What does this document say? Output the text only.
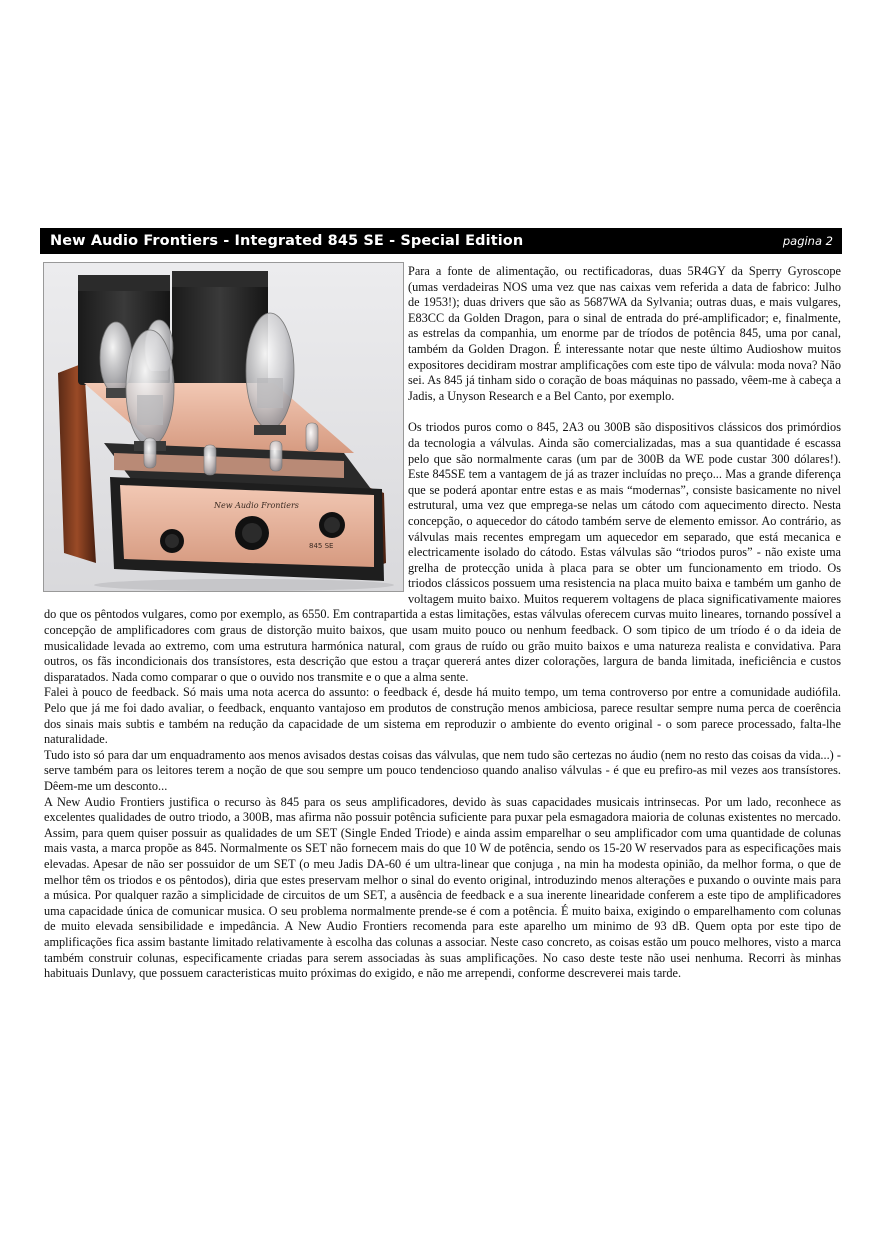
New Audio Frontiers - Integrated 845 SE - Special Edition	pagina 2
New Audio Frontiers
845 SE

Para a fonte de alimentação, ou rectificadoras, duas 5R4GY da Sperry Gyroscope (umas verdadeiras NOS uma vez que nas caixas vem referida a data de fabrico: Julho de 1953!); duas drivers que são as 5687WA da Sylvania; outras duas, e mais vulgares, E83CC da Golden Dragon, para o sinal de entrada do pré-amplificador; e, finalmente, as estrelas da companhia, um enorme par de tríodos de potência 845, uma por canal, também da Golden Dragon. É interessante notar que neste último Audioshow muitos expositores decidiram mostrar amplificações com este tipo de válvula: moda nova? Não sei. As 845 já tinham sido o coração de boas máquinas no passado, vêem-me à cabeça a Jadis, a Unyson Research e a Bel Canto, por exemplo.

Os triodos puros como o 845, 2A3 ou 300B são dispositivos clássicos dos primórdios da tecnologia a válvulas. Ainda são comercializadas, mas a sua quantidade é escassa pelo que são normalmente caras (um par de 300B da WE pode custar 300 dólares!). Este 845SE tem a vantagem de já as trazer incluídas no preço... Mas a grande diferença que se poderá apontar entre estas e as mais “modernas”, consiste basicamente no nivel estrutural, uma vez que emprega-se nelas um cátodo com aquecimento directo. Nesta concepção, o aquecedor do cátodo também serve de elemento emissor. Ao contrário, as válvulas mais recentes empregam um aquecedor em separado, que está mecanica e electricamente isolado do cátodo. Estas válvulas são “triodos puros” - não existe uma grelha de protecção unida à placa para se obter um funcionamento em triodo. Os triodos clássicos possuem uma resistencia na placa muito baixa e também um ganho de voltagem muito baixo. Muitos requerem voltagens de placa significativamente maiores do que os pêntodos vulgares, como por exemplo, as 6550. Em contrapartida a estas limitações, estas válvulas oferecem curvas muito lineares, tornando possível a concepção de amplificadores com graus de distorção muito baixos, que usam muito pouco ou nenhum feedback. O som tipico de um tríodo é o da ideia de musicalidade levada ao extremo, com uma estrutura harmónica natural, com graus de ruído ou grão muito baixos e uma natureza realista e convidativa. Para outros, os fãs incondicionais dos transístores, esta descrição que estou a traçar quererá antes dizer colorações, largura de banda limitada, ineficiência e custos disparatados. Nada como comparar o que o ouvido nos transmite e o que a alma sente.

Falei à pouco de feedback. Só mais uma nota acerca do assunto: o feedback é, desde há muito tempo, um tema controverso por entre a comunidade audiófila. Pelo que já me foi dado avaliar, o feedback, enquanto vantajoso em produtos de construção menos ambiciosa, parece resultar sempre numa perca de coerência dos sinais mais subtis e também na redução da capacidade de um sistema em reproduzir o ambiente do evento original - o som parece processado, falta-lhe naturalidade.

Tudo isto só para dar um enquadramento aos menos avisados destas coisas das válvulas, que nem tudo são certezas no áudio (nem no resto das coisas da vida...) - serve também para os leitores terem a noção de que sou sempre um pouco tendencioso quando analiso válvulas - é que eu prefiro-as mil vezes aos transístores. Dêem-me um desconto...

A New Audio Frontiers justifica o recurso às 845 para os seus amplificadores, devido às suas capacidades musicais intrinsecas. Por um lado, reconhece as excelentes qualidades de outro triodo, a 300B, mas afirma não possuir potência suficiente para puxar pela esmagadora maioria de colunas existentes no mercado. Assim, para quem quiser possuir as qualidades de um SET (Single Ended Triode) e ainda assim emparelhar o seu amplificador com uma quantidade de colunas mais vasta, a marca propõe as 845. Normalmente os SET não fornecem mais do que 10 W de potência, sendo os 15-20 W reservados para as especificações mais elevadas. Apesar de não ser possuidor de um SET (o meu Jadis DA-60 é um ultra-linear que conjuga , na min ha modesta opinião, da melhor forma, o que de melhor têm os triodos e os pêntodos), diria que estes preservam melhor o sinal do evento original, introduzindo menos alterações e puxando o ouvinte mais para a música. Por qualquer razão a simplicidade de circuitos de um SET, a ausência de feedback e a sua inerente linearidade conferem a este tipo de amplificadores uma capacidade única de comunicar musica. O seu problema normalmente prende-se é com a potência. É muito baixa, exigindo o emparelhamento com colunas de muito elevada sensibilidade e impedância. A New Audio Frontiers recomenda para este aparelho um minimo de 93 dB. Quem opta por este tipo de amplificações fica assim bastante limitado relativamente à escolha das colunas a associar. Neste caso concreto, as coisas estão um pouco melhores, visto a marca também construir colunas, especificamente criadas para serem associadas às suas amplificações. No caso deste teste não usei nenhuma. Recorri às minhas habituais Dunlavy, que possuem caracteristicas muito próximas do exigido, e não me arrependi, conforme descreverei mais tarde.
